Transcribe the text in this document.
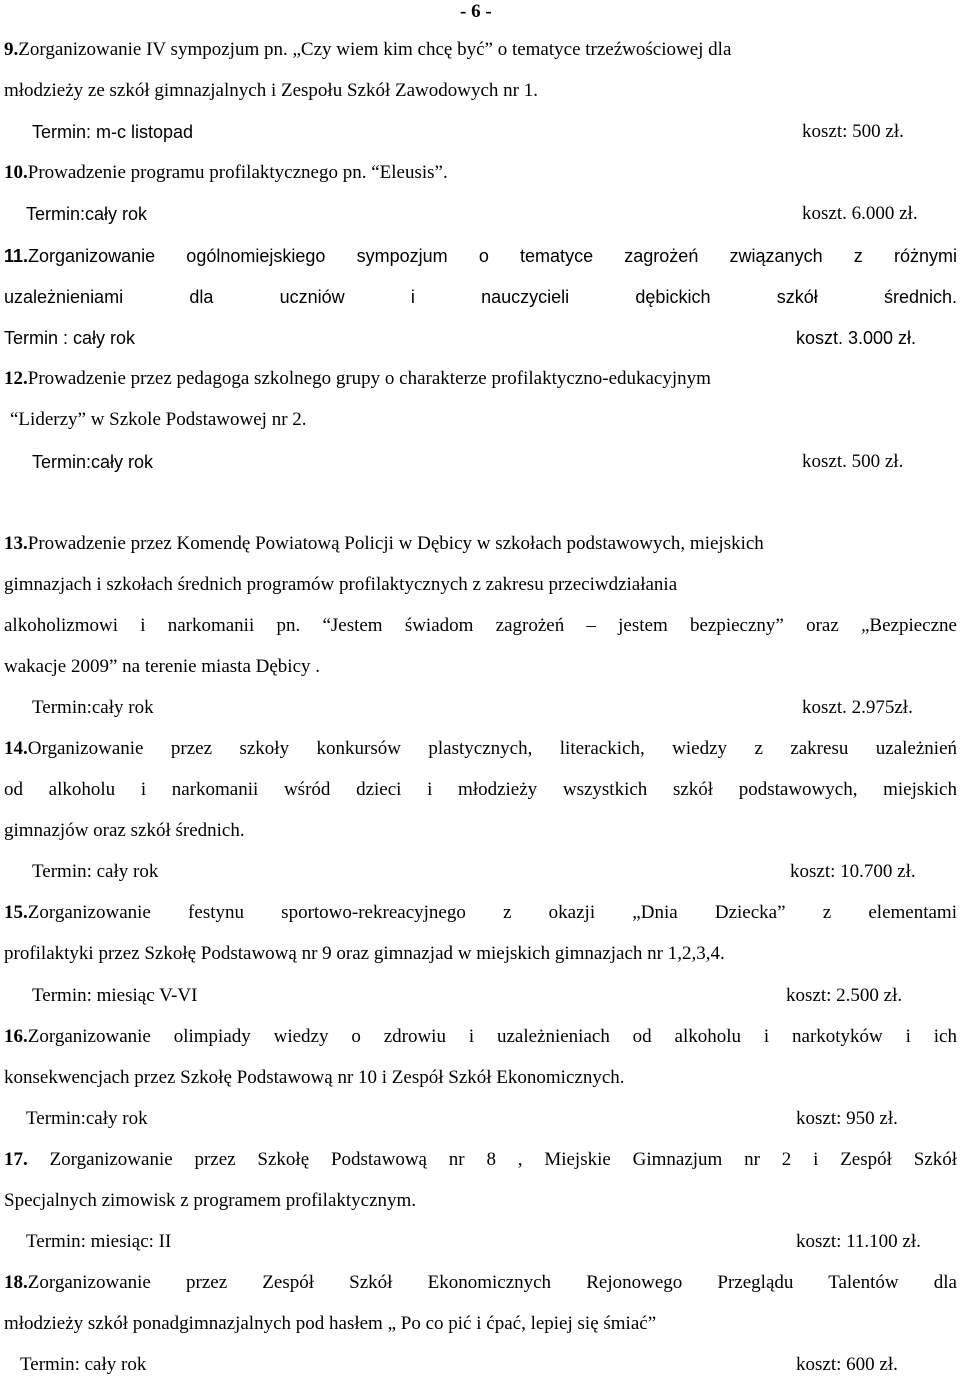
- 6 -
9.Zorganizowanie IV sympozjum pn. „Czy wiem kim chcę być” o tematyce trzeźwościowej dla
młodzieży ze szkół gimnazjalnych i Zespołu Szkół Zawodowych nr 1.
Termin: m-c listopad	koszt: 500 zł.
10.Prowadzenie programu profilaktycznego pn. “Eleusis”.
Termin:cały rok	koszt. 6.000 zł.
11.Zorganizowanie ogólnomiejskiego sympozjum o tematyce zagrożeń związanych z różnymi
uzależnieniami dla uczniów i nauczycieli dębickich szkół średnich.
Termin : cały rok	koszt. 3.000 zł.
12.Prowadzenie przez pedagoga szkolnego grupy o charakterze profilaktyczno-edukacyjnym
“Liderzy” w Szkole Podstawowej nr 2.
Termin:cały rok	koszt. 500 zł.
13.Prowadzenie przez Komendę Powiatową Policji w Dębicy w szkołach podstawowych, miejskich
gimnazjach i szkołach średnich programów profilaktycznych z zakresu przeciwdziałania
alkoholizmowi i narkomanii pn. “Jestem świadom zagrożeń – jestem bezpieczny” oraz „Bezpieczne
wakacje 2009” na terenie miasta Dębicy .
Termin:cały rok	koszt. 2.975zł.
14.Organizowanie przez szkoły konkursów plastycznych, literackich, wiedzy z zakresu uzależnień
od alkoholu i narkomanii wśród dzieci i młodzieży wszystkich szkół podstawowych, miejskich
gimnazjów oraz szkół średnich.
Termin: cały rok	koszt: 10.700 zł.
15.Zorganizowanie festynu sportowo-rekreacyjnego z okazji „Dnia Dziecka” z elementami
profilaktyki przez Szkołę Podstawową nr 9 oraz gimnazjad w miejskich gimnazjach nr 1,2,3,4.
Termin: miesiąc V-VI	koszt: 2.500 zł.
16.Zorganizowanie olimpiady wiedzy o zdrowiu i uzależnieniach od alkoholu i narkotyków i ich
konsekwencjach przez Szkołę Podstawową nr 10 i Zespół Szkół Ekonomicznych.
Termin:cały rok	koszt: 950 zł.
17. Zorganizowanie przez Szkołę Podstawową nr 8 , Miejskie Gimnazjum nr 2 i Zespół Szkół
Specjalnych zimowisk z programem profilaktycznym.
Termin: miesiąc: II	koszt: 11.100 zł.
18.Zorganizowanie przez Zespół Szkół Ekonomicznych Rejonowego Przeglądu Talentów dla
młodzieży szkół ponadgimnazjalnych pod hasłem „ Po co pić i ćpać, lepiej się śmiać”
Termin: cały rok	koszt: 600 zł.
